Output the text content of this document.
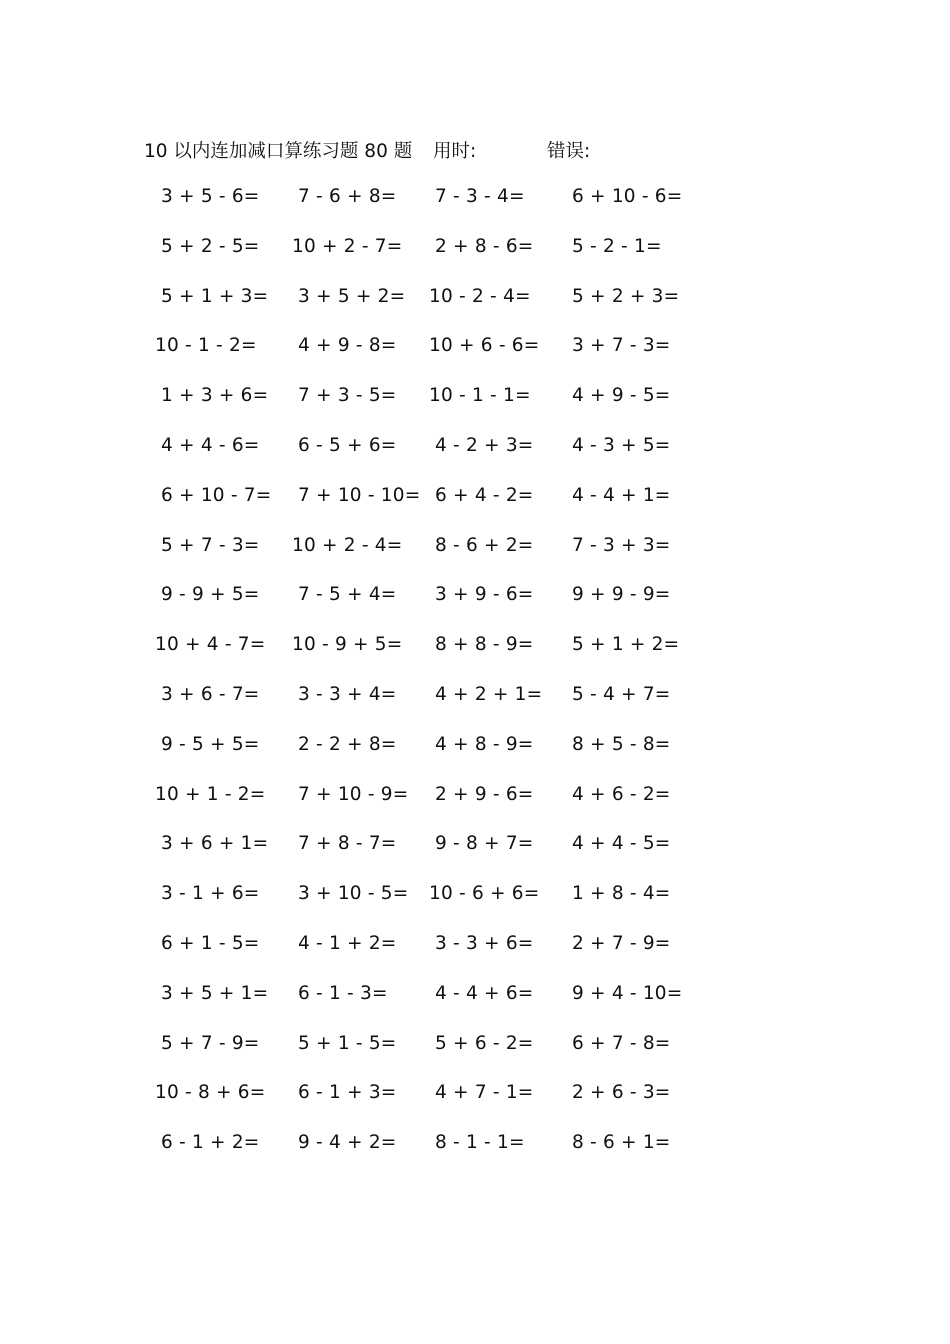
10 以内连加减口算练习题 80 题 用时:	错误:
3 + 5 - 6= 7 - 6 + 8= 7 - 3 - 4=	6 + 10 - 6=
5 + 2 - 5= 10 + 2 - 7= 2 + 8 - 6= 5 - 2 - 1=
5 + 1 + 3= 3 + 5 + 2= 10 - 2 - 4= 5 + 2 + 3=
10 - 1 - 2= 4 + 9 - 8= 10 + 6 - 6= 3 + 7 - 3=
1 + 3 + 6= 7 + 3 - 5= 10 - 1 - 1= 4 + 9 - 5=
4 + 4 - 6= 6 - 5 + 6= 4 - 2 + 3= 4 - 3 + 5=
6 + 10 - 7= 7 + 10 - 10= 6 + 4 - 2= 4 - 4 + 1=
5 + 7 - 3= 10 + 2 - 4= 8 - 6 + 2= 7 - 3 + 3=
9 - 9 + 5= 7 - 5 + 4= 3 + 9 - 6= 9 + 9 - 9=
10 + 4 - 7= 10 - 9 + 5= 8 + 8 - 9= 5 + 1 + 2=
3 + 6 - 7= 3 - 3 + 4= 4 + 2 + 1= 5 - 4 + 7=
9 - 5 + 5= 2 - 2 + 8= 4 + 8 - 9= 8 + 5 - 8=
10 + 1 - 2= 7 + 10 - 9= 2 + 9 - 6= 4 + 6 - 2=
3 + 6 + 1= 7 + 8 - 7= 9 - 8 + 7= 4 + 4 - 5=
3 - 1 + 6= 3 + 10 - 5= 10 - 6 + 6= 1 + 8 - 4=
6 + 1 - 5= 4 - 1 + 2= 3 - 3 + 6= 2 + 7 - 9=
3 + 5 + 1= 6 - 1 - 3=	4 - 4 + 6= 9 + 4 - 10=
5 + 7 - 9= 5 + 1 - 5= 5 + 6 - 2= 6 + 7 - 8=
10 - 8 + 6= 6 - 1 + 3= 4 + 7 - 1= 2 + 6 - 3=
6 - 1 + 2= 9 - 4 + 2= 8 - 1 - 1=	8 - 6 + 1=
